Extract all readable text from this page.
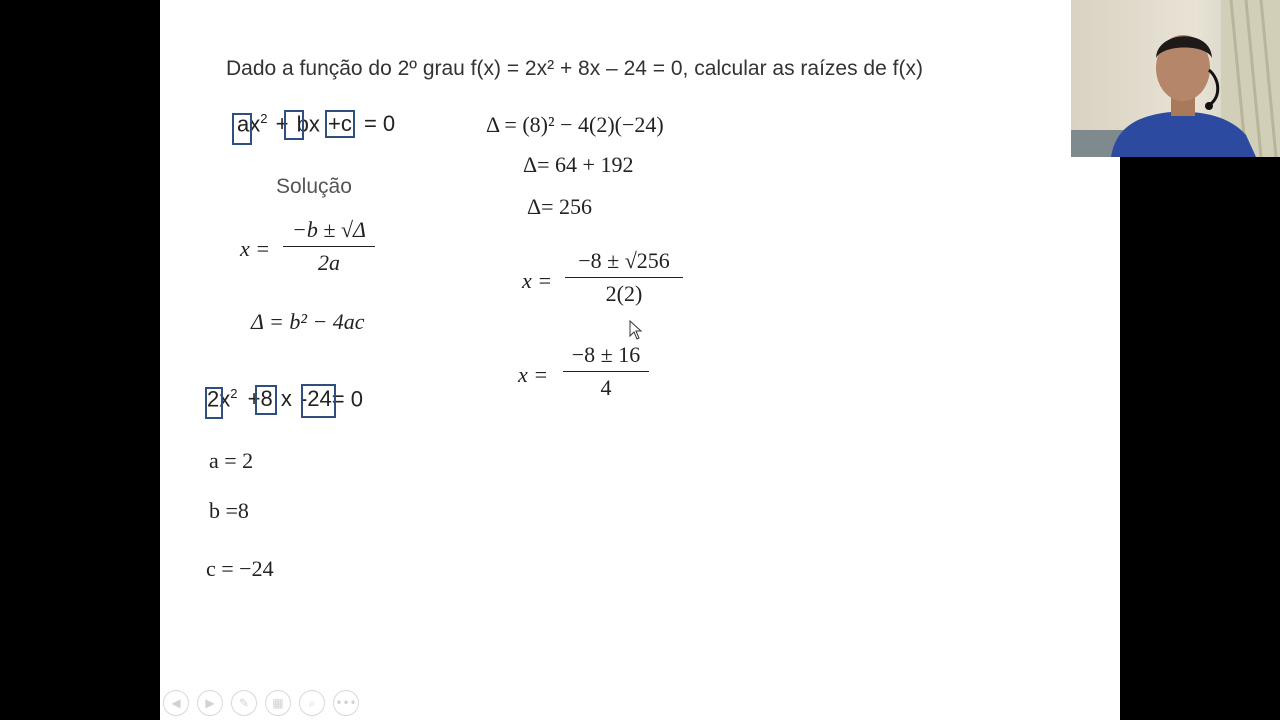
Dado a função do 2º grau f(x) = 2x² + 8x – 24 = 0, calcular as raízes de f(x)
$ax^2$ + bx +c = 0
Solução
x =
−b ± √Δ
2a
Δ = b² − 4ac
$2x^2 +8$ x -24= 0
a = 2
b =8
c = −24
Δ = (8)² − 4(2)(−24)
Δ= 64 + 192
Δ= 256
x =
−8 ± √256
2(2)
x =
−8 ± 16
4
◀ ▶ ✎ ▦ ⌕ •••
